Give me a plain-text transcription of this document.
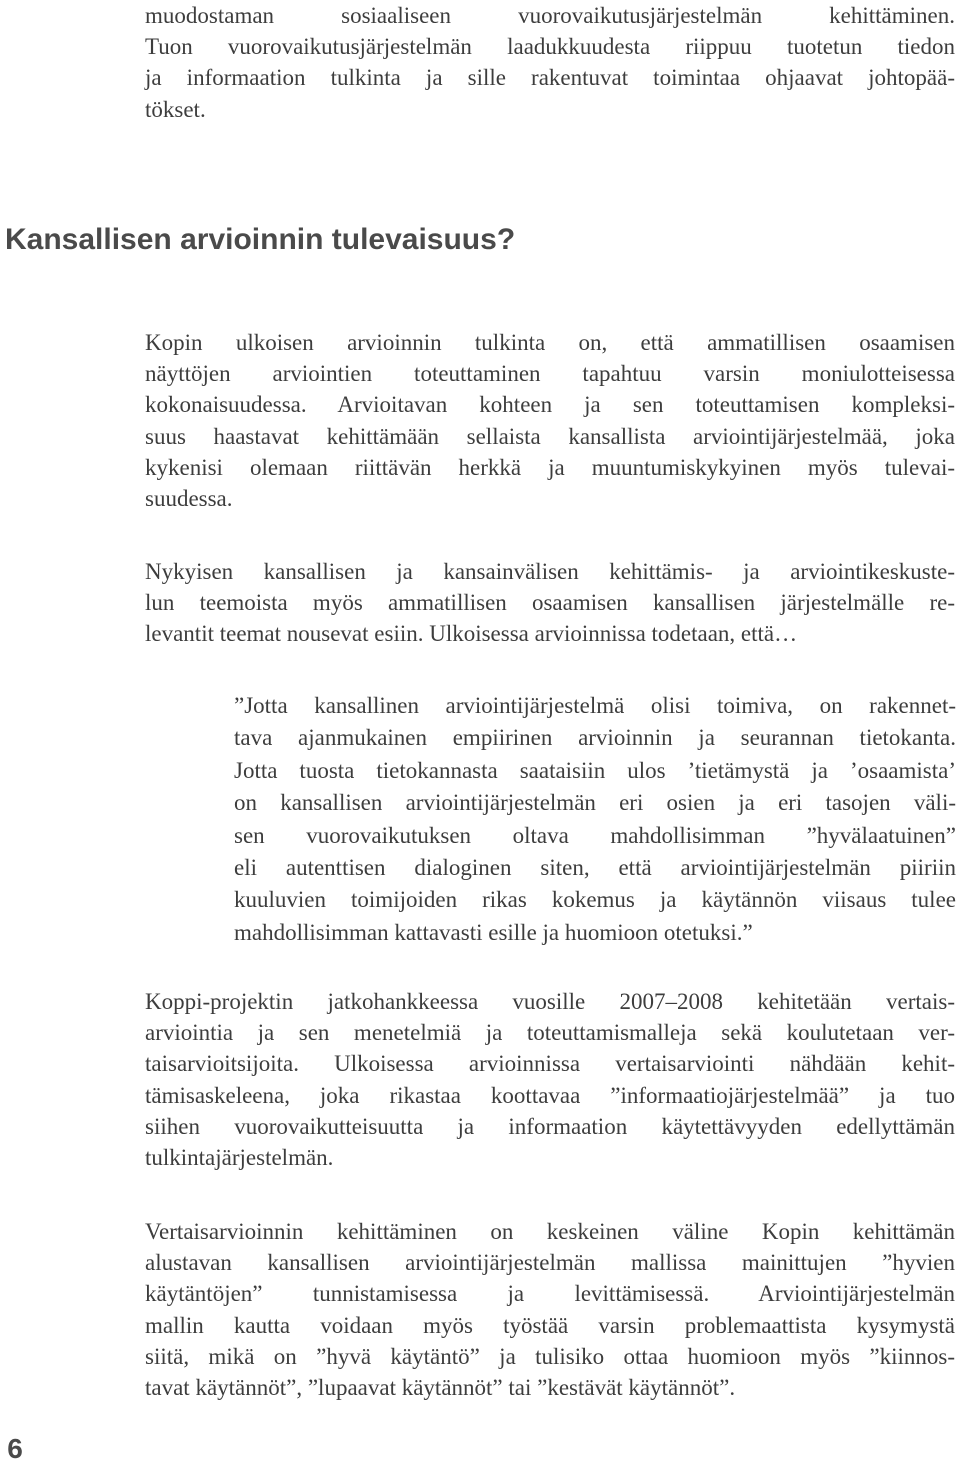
muodostaman sosiaaliseen vuorovaikutusjärjestelmän kehittäminen.
Tuon vuorovaikutusjärjestelmän laadukkuudesta riippuu tuotetun tiedon
ja informaation tulkinta ja sille rakentuvat toimintaa ohjaavat johtopää-
tökset.
Kansallisen arvioinnin tulevaisuus?
Kopin ulkoisen arvioinnin tulkinta on, että ammatillisen osaamisen
näyttöjen arviointien toteuttaminen tapahtuu varsin moniulotteisessa
kokonaisuudessa. Arvioitavan kohteen ja sen toteuttamisen kompleksi-
suus haastavat kehittämään sellaista kansallista arviointijärjestelmää, joka
kykenisi olemaan riittävän herkkä ja muuntumiskykyinen myös tulevai-
suudessa.
Nykyisen kansallisen ja kansainvälisen kehittämis- ja arviointikeskuste-
lun teemoista myös ammatillisen osaamisen kansallisen järjestelmälle re-
levantit teemat nousevat esiin. Ulkoisessa arvioinnissa todetaan, että…
”Jotta kansallinen arviointijärjestelmä olisi toimiva, on rakennet-
tava ajanmukainen empiirinen arvioinnin ja seurannan tietokanta.
Jotta tuosta tietokannasta saataisiin ulos ’tietämystä ja ’osaamista’
on kansallisen arviointijärjestelmän eri osien ja eri tasojen väli-
sen vuorovaikutuksen oltava mahdollisimman ”hyvälaatuinen”
eli autenttisen dialoginen siten, että arviointijärjestelmän piiriin
kuuluvien toimijoiden rikas kokemus ja käytännön viisaus tulee
mahdollisimman kattavasti esille ja huomioon otetuksi.”
Koppi-projektin jatkohankkeessa vuosille 2007–2008 kehitetään vertais-
arviointia ja sen menetelmiä ja toteuttamismalleja sekä koulutetaan ver-
taisarvioitsijoita. Ulkoisessa arvioinnissa vertaisarviointi nähdään kehit-
tämisaskeleena, joka rikastaa koottavaa ”informaatiojärjestelmää” ja tuo
siihen vuorovaikutteisuutta ja informaation käytettävyyden edellyttämän
tulkintajärjestelmän.
Vertaisarvioinnin kehittäminen on keskeinen väline Kopin kehittämän
alustavan kansallisen arviointijärjestelmän mallissa mainittujen ”hyvien
käytäntöjen” tunnistamisessa ja levittämisessä. Arviointijärjestelmän
mallin kautta voidaan myös työstää varsin problemaattista kysymystä
siitä, mikä on ”hyvä käytäntö” ja tulisiko ottaa huomioon myös ”kiinnos-
tavat käytännöt”, ”lupaavat käytännöt” tai ”kestävät käytännöt”.
6
